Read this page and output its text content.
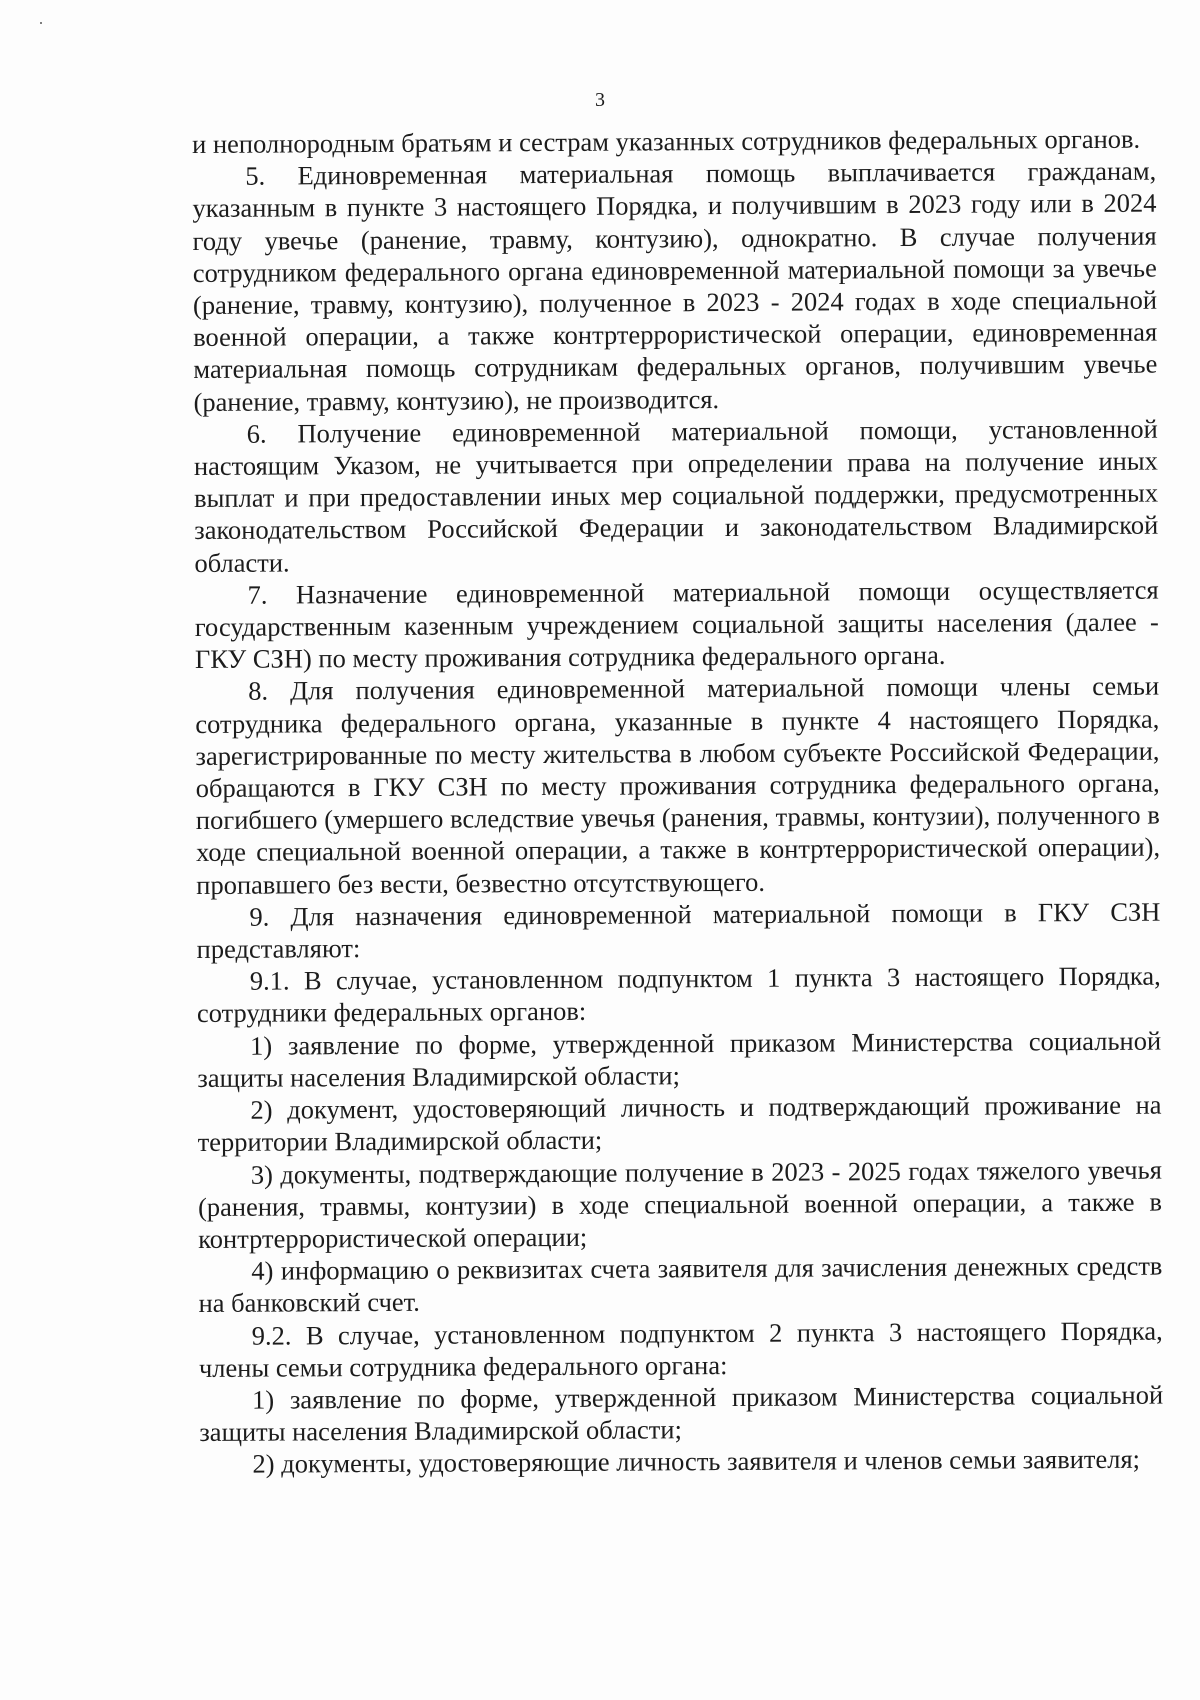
3

и неполнородным братьям и сестрам указанных сотрудников федеральных органов.

5. Единовременная материальная помощь выплачивается гражданам, указанным в пункте 3 настоящего Порядка, и получившим в 2023 году или в 2024 году увечье (ранение, травму, контузию), однократно. В случае получения сотрудником федерального органа единовременной материальной помощи за увечье (ранение, травму, контузию), полученное в 2023 - 2024 годах в ходе специальной военной операции, а также контртеррористической операции, единовременная материальная помощь сотрудникам федеральных органов, получившим увечье (ранение, травму, контузию), не производится.

6. Получение единовременной материальной помощи, установленной настоящим Указом, не учитывается при определении права на получение иных выплат и при предоставлении иных мер социальной поддержки, предусмотренных законодательством Российской Федерации и законодательством Владимирской области.

7. Назначение единовременной материальной помощи осуществляется государственным казенным учреждением социальной защиты населения (далее - ГКУ СЗН) по месту проживания сотрудника федерального органа.

8. Для получения единовременной материальной помощи члены семьи сотрудника федерального органа, указанные в пункте 4 настоящего Порядка, зарегистрированные по месту жительства в любом субъекте Российской Федерации, обращаются в ГКУ СЗН по месту проживания сотрудника федерального органа, погибшего (умершего вследствие увечья (ранения, травмы, контузии), полученного в ходе специальной военной операции, а также в контртеррористической операции), пропавшего без вести, безвестно отсутствующего.

9. Для назначения единовременной материальной помощи в ГКУ СЗН представляют:

9.1. В случае, установленном подпунктом 1 пункта 3 настоящего Порядка, сотрудники федеральных органов:

1) заявление по форме, утвержденной приказом Министерства социальной защиты населения Владимирской области;

2) документ, удостоверяющий личность и подтверждающий проживание на территории Владимирской области;

3) документы, подтверждающие получение в 2023 - 2025 годах тяжелого увечья (ранения, травмы, контузии) в ходе специальной военной операции, а также в контртеррористической операции;

4) информацию о реквизитах счета заявителя для зачисления денежных средств на банковский счет.

9.2. В случае, установленном подпунктом 2 пункта 3 настоящего Порядка, члены семьи сотрудника федерального органа:

1) заявление по форме, утвержденной приказом Министерства социальной защиты населения Владимирской области;

2) документы, удостоверяющие личность заявителя и членов семьи заявителя;
